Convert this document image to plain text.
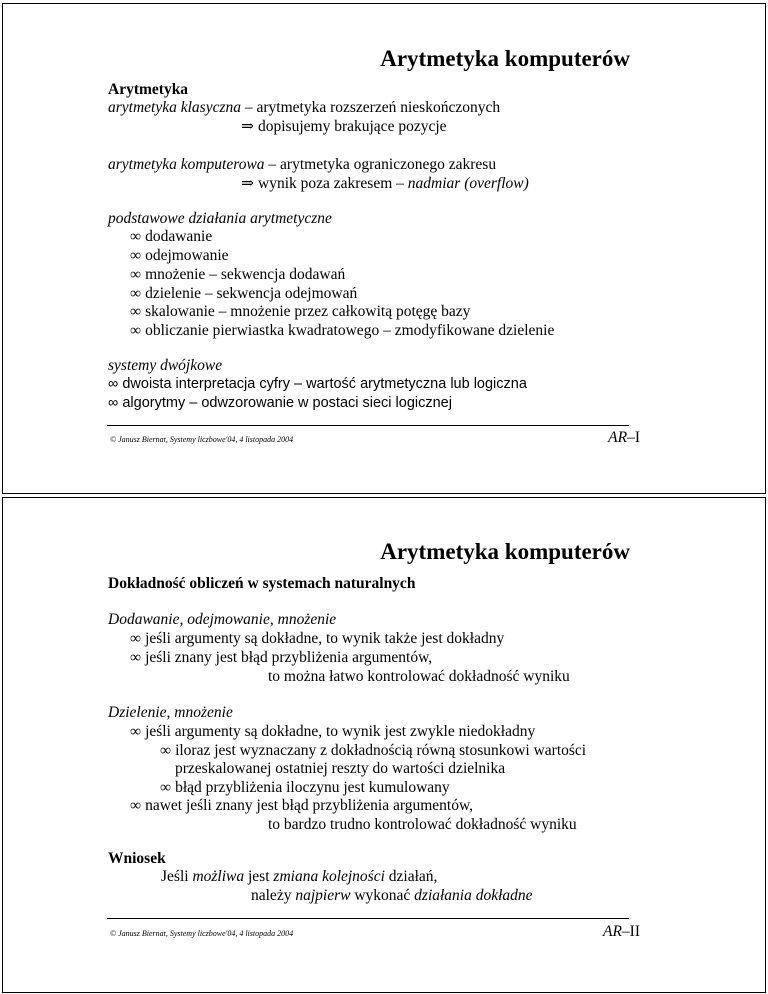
Arytmetyka komputerów
Arytmetyka
arytmetyka klasyczna – arytmetyka rozszerzeń nieskończonych
⇒ dopisujemy brakujące pozycje
arytmetyka komputerowa – arytmetyka ograniczonego zakresu
⇒ wynik poza zakresem – nadmiar (overflow)
podstawowe działania arytmetyczne
∞ dodawanie
∞ odejmowanie
∞ mnożenie – sekwencja dodawań
∞ dzielenie – sekwencja odejmowań
∞ skalowanie – mnożenie przez całkowitą potęgę bazy
∞ obliczanie pierwiastka kwadratowego – zmodyfikowane dzielenie
systemy dwójkowe
∞ dwoista interpretacja cyfry – wartość arytmetyczna lub logiczna
∞ algorytmy – odwzorowanie w postaci sieci logicznej
© Janusz Biernat, Systemy liczbowe'04, 4 listopada 2004	AR–I
Arytmetyka komputerów
Dokładność obliczeń w systemach naturalnych
Dodawanie, odejmowanie, mnożenie
∞ jeśli argumenty są dokładne, to wynik także jest dokładny
∞ jeśli znany jest błąd przybliżenia argumentów,
to można łatwo kontrolować dokładność wyniku
Dzielenie, mnożenie
∞ jeśli argumenty są dokładne, to wynik jest zwykle niedokładny
∞ iloraz jest wyznaczany z dokładnością równą stosunkowi wartości
przeskalowanej ostatniej reszty do wartości dzielnika
∞ błąd przybliżenia iloczynu jest kumulowany
∞ nawet jeśli znany jest błąd przybliżenia argumentów,
to bardzo trudno kontrolować dokładność wyniku
Wniosek
Jeśli możliwa jest zmiana kolejności działań,
należy najpierw wykonać działania dokładne
© Janusz Biernat, Systemy liczbowe'04, 4 listopada 2004	AR–II
